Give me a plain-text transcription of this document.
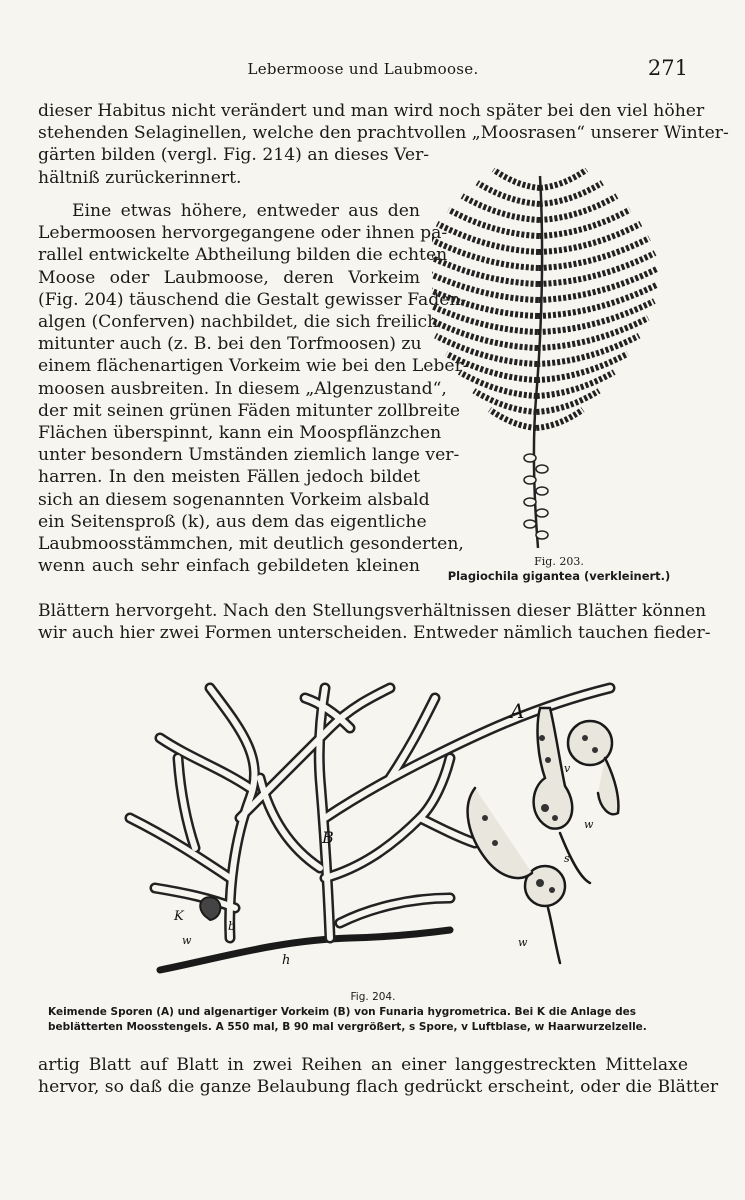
Lebermoose und Laubmoose.	271

dieser Habitus nicht verändert und man wird noch später bei den viel höher
stehenden Selaginellen, welche den prachtvollen „Moosrasen“ unserer Winter-
gärten bilden (vergl. Fig. 214) an dieses Ver-
hältniß zurückerinnert.

Eine etwas höhere, entweder aus den
Lebermoosen hervorgegangene oder ihnen pa-
rallel entwickelte Abtheilung bilden die echten
Moose oder Laubmoose, deren Vorkeim
(Fig. 204) täuschend die Gestalt gewisser Faden-
algen (Conferven) nachbildet, die sich freilich
mitunter auch (z. B. bei den Torfmoosen) zu
einem flächenartigen Vorkeim wie bei den Leber-
moosen ausbreiten. In diesem „Algenzustand“,
der mit seinen grünen Fäden mitunter zollbreite
Flächen überspinnt, kann ein Moospflänzchen
unter besondern Umständen ziemlich lange ver-
harren. In den meisten Fällen jedoch bildet
sich an diesem sogenannten Vorkeim alsbald
ein Seitensproß (k), aus dem das eigentliche
Laubmoosstämmchen, mit deutlich gesonderten,
wenn auch sehr einfach gebildeten kleinen

Blättern hervorgeht. Nach den Stellungsverhältnissen dieser Blätter können
wir auch hier zwei Formen unterscheiden. Entweder nämlich tauchen fieder-

Fig. 203.
Plagiochila gigantea (verkleinert.)
A
B
K
b
h
w
w
w
v
s
Fig. 204.
Keimende Sporen (A) und algenartiger Vorkeim (B) von Funaria hygrometrica. Bei K die Anlage des
beblätterten Moosstengels. A 550 mal, B 90 mal vergrößert, s Spore, v Luftblase, w Haarwurzelzelle.

artig Blatt auf Blatt in zwei Reihen an einer langgestreckten Mittelaxe
hervor, so daß die ganze Belaubung flach gedrückt erscheint, oder die Blätter
